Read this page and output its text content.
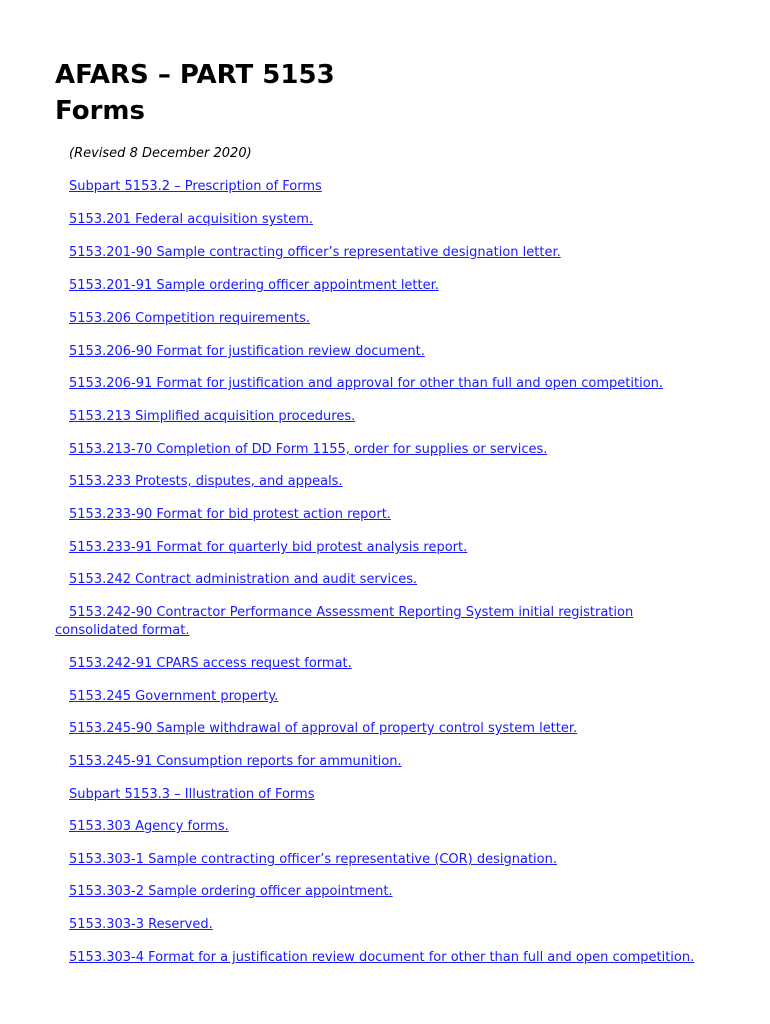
AFARS – PART 5153
Forms
(Revised 8 December 2020)
Subpart 5153.2 – Prescription of Forms
5153.201 Federal acquisition system.
5153.201-90 Sample contracting officer’s representative designation letter.
5153.201-91 Sample ordering officer appointment letter.
5153.206 Competition requirements.
5153.206-90 Format for justification review document.
5153.206-91 Format for justification and approval for other than full and open competition.
5153.213 Simplified acquisition procedures.
5153.213-70 Completion of DD Form 1155, order for supplies or services.
5153.233 Protests, disputes, and appeals.
5153.233-90 Format for bid protest action report.
5153.233-91 Format for quarterly bid protest analysis report.
5153.242 Contract administration and audit services.
5153.242-90 Contractor Performance Assessment Reporting System initial registration consolidated format.
5153.242-91 CPARS access request format.
5153.245 Government property.
5153.245-90 Sample withdrawal of approval of property control system letter.
5153.245-91 Consumption reports for ammunition.
Subpart 5153.3 – Illustration of Forms
5153.303 Agency forms.
5153.303-1 Sample contracting officer’s representative (COR) designation.
5153.303-2 Sample ordering officer appointment.
5153.303-3 Reserved.
5153.303-4 Format for a justification review document for other than full and open competition.
